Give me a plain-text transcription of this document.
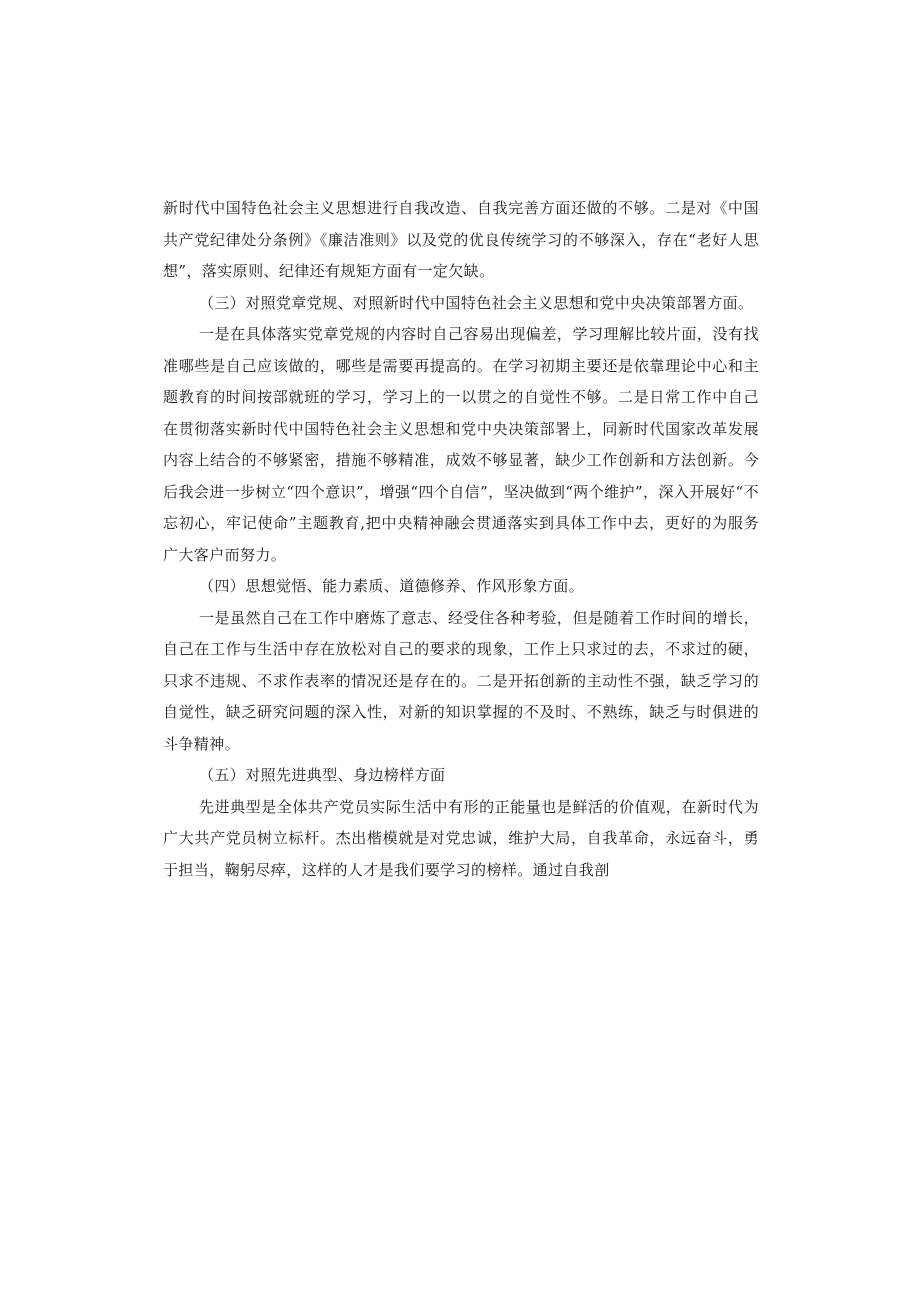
新时代中国特色社会主义思想进行自我改造、自我完善方面还做的不够。二是对《中国共产党纪律处分条例》《廉洁准则》以及党的优良传统学习的不够深入，存在“老好人思想”，落实原则、纪律还有规矩方面有一定欠缺。

（三）对照党章党规、对照新时代中国特色社会主义思想和党中央决策部署方面。

一是在具体落实党章党规的内容时自己容易出现偏差，学习理解比较片面，没有找准哪些是自己应该做的，哪些是需要再提高的。在学习初期主要还是依靠理论中心和主题教育的时间按部就班的学习，学习上的一以贯之的自觉性不够。二是日常工作中自己在贯彻落实新时代中国特色社会主义思想和党中央决策部署上，同新时代国家改革发展内容上结合的不够紧密，措施不够精准，成效不够显著，缺少工作创新和方法创新。今后我会进一步树立“四个意识”，增强“四个自信”，坚决做到“两个维护”，深入开展好“不忘初心，牢记使命”主题教育,把中央精神融会贯通落实到具体工作中去，更好的为服务广大客户而努力。

（四）思想觉悟、能力素质、道德修养、作风形象方面。

一是虽然自己在工作中磨炼了意志、经受住各种考验，但是随着工作时间的增长，自己在工作与生活中存在放松对自己的要求的现象，工作上只求过的去，不求过的硬，只求不违规、不求作表率的情况还是存在的。二是开拓创新的主动性不强，缺乏学习的自觉性，缺乏研究问题的深入性，对新的知识掌握的不及时、不熟练，缺乏与时俱进的斗争精神。

（五）对照先进典型、身边榜样方面

先进典型是全体共产党员实际生活中有形的正能量也是鲜活的价值观，在新时代为广大共产党员树立标杆。杰出楷模就是对党忠诚，维护大局，自我革命，永远奋斗，勇于担当，鞠躬尽瘁，这样的人才是我们要学习的榜样。通过自我剖
